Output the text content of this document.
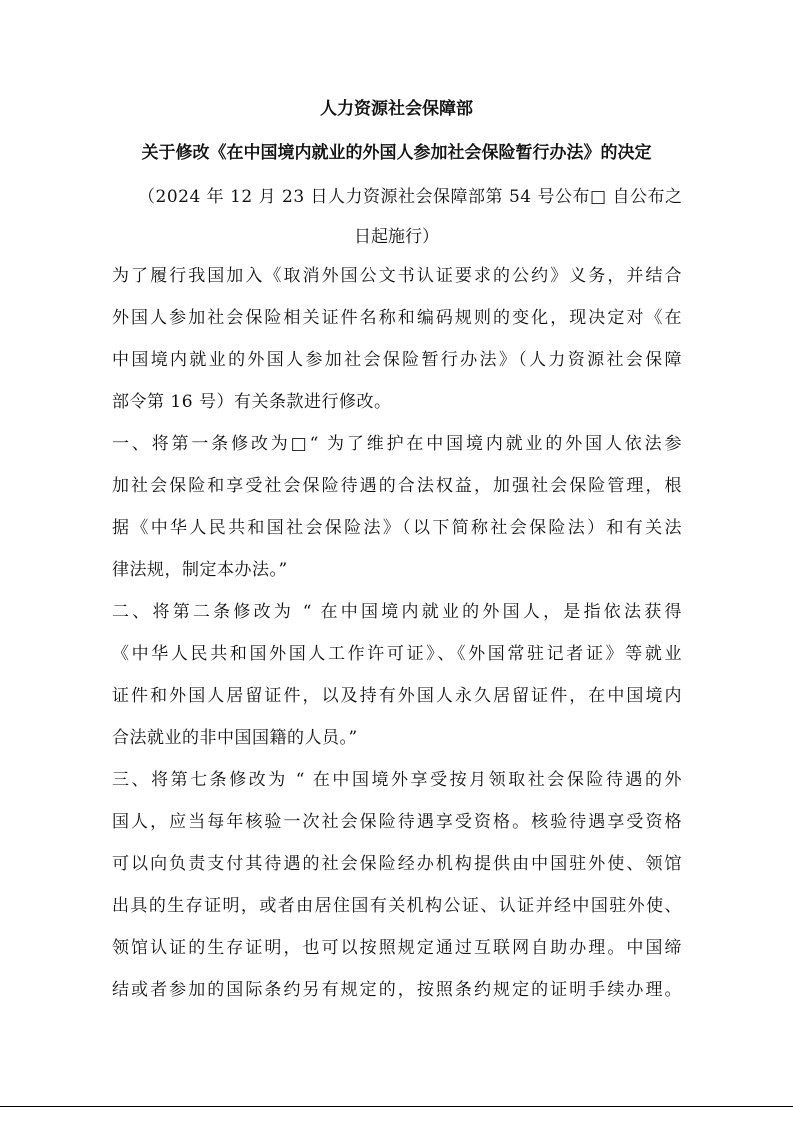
人力资源社会保障部
关于修改《在中国境内就业的外国人参加社会保险暂行办法》的决定
（2024 年 12 月 23 日人力资源社会保障部第 54 号公布□ 自公布之
日起施行）
为了履行我国加入《取消外国公文书认证要求的公约》义务，并结合
外国人参加社会保险相关证件名称和编码规则的变化，现决定对《在
中国境内就业的外国人参加社会保险暂行办法》（人力资源社会保障
部令第 16 号）有关条款进行修改。
一、将第一条修改为□“ 为了维护在中国境内就业的外国人依法参
加社会保险和享受社会保险待遇的合法权益，加强社会保险管理，根
据《中华人民共和国社会保险法》（以下简称社会保险法）和有关法
律法规，制定本办法。”
二、将第二条修改为 “ 在中国境内就业的外国人，是指依法获得
《中华人民共和国外国人工作许可证》、《外国常驻记者证》等就业
证件和外国人居留证件，以及持有外国人永久居留证件，在中国境内
合法就业的非中国国籍的人员。”
三、将第七条修改为 “ 在中国境外享受按月领取社会保险待遇的外
国人，应当每年核验一次社会保险待遇享受资格。核验待遇享受资格
可以向负责支付其待遇的社会保险经办机构提供由中国驻外使、领馆
出具的生存证明，或者由居住国有关机构公证、认证并经中国驻外使、
领馆认证的生存证明，也可以按照规定通过互联网自助办理。中国缔
结或者参加的国际条约另有规定的，按照条约规定的证明手续办理。
